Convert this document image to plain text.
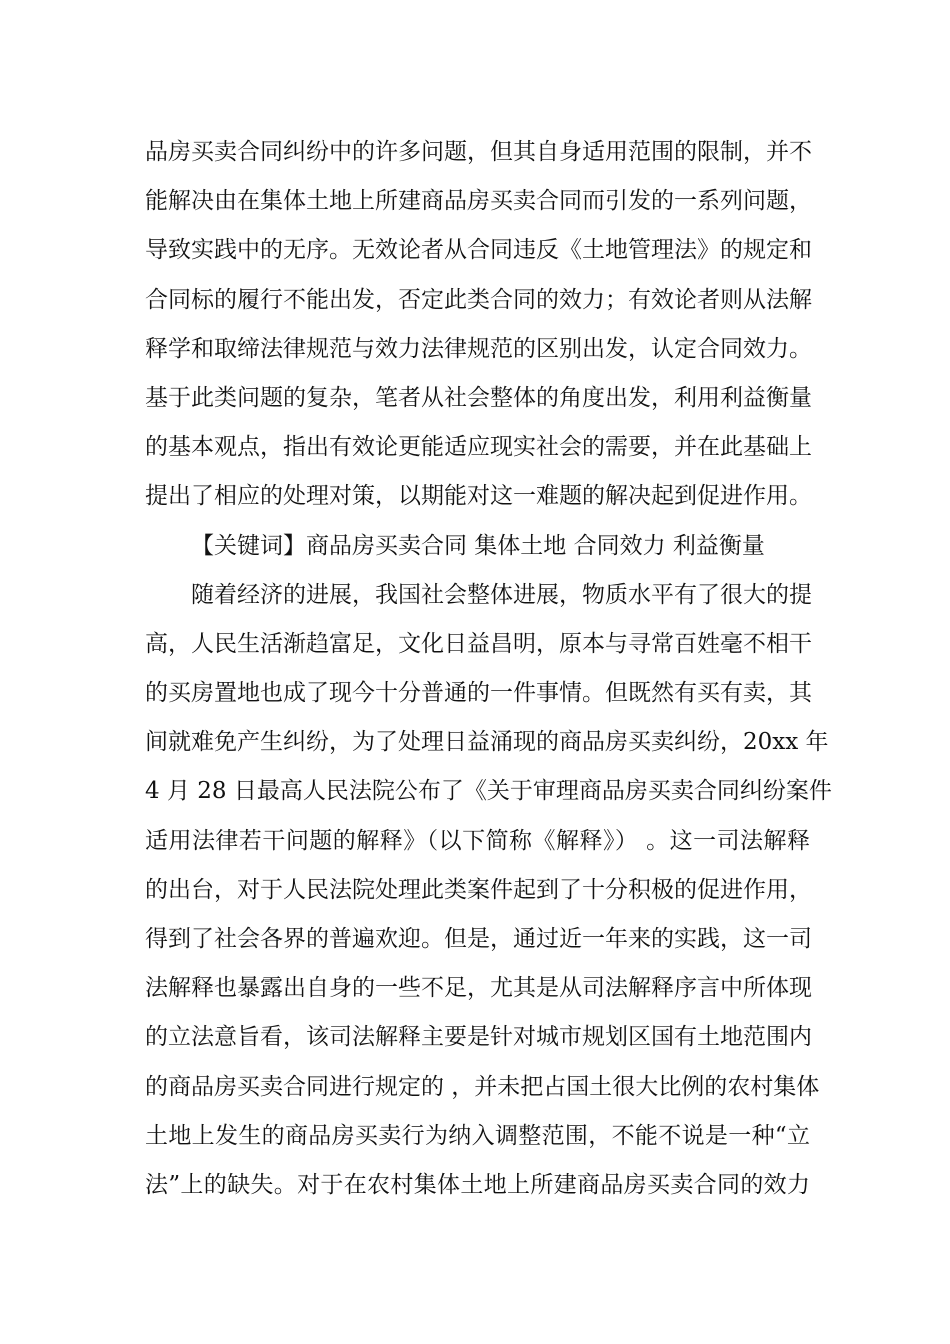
品房买卖合同纠纷中的许多问题，但其自身适用范围的限制，并不
能解决由在集体土地上所建商品房买卖合同而引发的一系列问题，
导致实践中的无序。无效论者从合同违反《土地管理法》的规定和
合同标的履行不能出发，否定此类合同的效力；有效论者则从法解
释学和取缔法律规范与效力法律规范的区别出发，认定合同效力。
基于此类问题的复杂，笔者从社会整体的角度出发，利用利益衡量
的基本观点，指出有效论更能适应现实社会的需要，并在此基础上
提出了相应的处理对策，以期能对这一难题的解决起到促进作用。
【关键词】商品房买卖合同 集体土地 合同效力 利益衡量
随着经济的进展，我国社会整体进展，物质水平有了很大的提
高，人民生活渐趋富足，文化日益昌明，原本与寻常百姓毫不相干
的买房置地也成了现今十分普通的一件事情。但既然有买有卖，其
间就难免产生纠纷，为了处理日益涌现的商品房买卖纠纷，20xx 年
4 月 28 日最高人民法院公布了《关于审理商品房买卖合同纠纷案件
适用法律若干问题的解释》（以下简称《解释》） 。这一司法解释
的出台，对于人民法院处理此类案件起到了十分积极的促进作用，
得到了社会各界的普遍欢迎。但是，通过近一年来的实践，这一司
法解释也暴露出自身的一些不足，尤其是从司法解释序言中所体现
的立法意旨看，该司法解释主要是针对城市规划区国有土地范围内
的商品房买卖合同进行规定的 ，并未把占国土很大比例的农村集体
土地上发生的商品房买卖行为纳入调整范围，不能不说是一种“立
法”上的缺失。对于在农村集体土地上所建商品房买卖合同的效力
